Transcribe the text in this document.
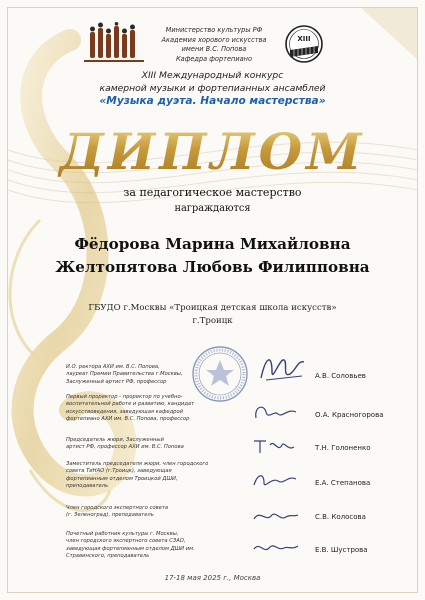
Министерство культуры РФ
Академия хорового искусства
имени В.С. Попова
Кафедра фортепиано
XIII
XIII Международный конкурс
камерной музыки и фортепианных ансамблей
«Музыка дуэта. Начало мастерства»
ДИПЛОМ
за педагогическое мастерство
награждаются
Фёдорова Марина Михайловна
Желтопятова Любовь Филипповна
ГБУДО г.Москвы «Троицкая детская школа искусств»
г.Троицк
И.О. ректора АХИ им. В.С. Попова,
лауреат Премии Правительства г.Москвы,
Заслуженный артист РФ, профессор
А.В. Соловьев
Первый проректор - проректор по учебно-
воспитательной работе и развитию, кандидат
искусствоведения, заведующая кафедрой
фортепиано АХИ им. В.С. Попова, профессор
О.А. Красногорова
Председатель жюри, Заслуженный
артист РФ, профессор АХИ им. В.С. Попова	Т.Н. Голоненко
Заместитель председателя жюри, член городского
совета ТиНАО (г.Троицк), заведующая
фортепианным отделом Троицкой ДШИ,
преподаватель	Е.А. Степанова
Член городского экспертного совета
(г. Зеленоград), преподаватель	С.В. Колосова
Почетный работник культуры г. Москвы,
член городского экспертного совета СЗАО,
заведующая фортепианным отделом ДШИ им.
Стравинского, преподаватель
Е.В. Шустрова
17-18 мая 2025 г., Москва
